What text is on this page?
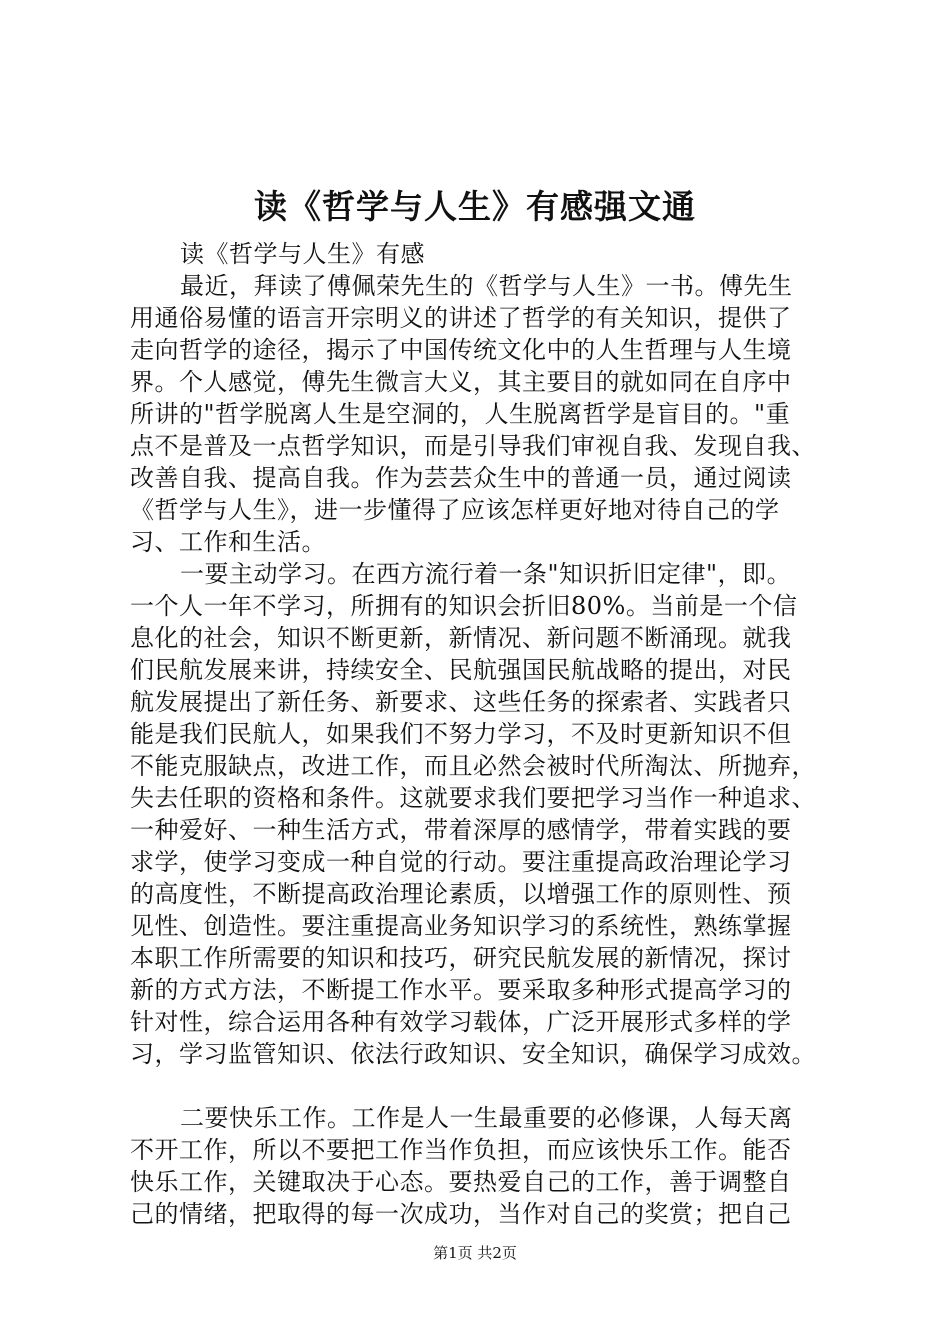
读《哲学与人生》有感强文通
读《哲学与人生》有感
最近，拜读了傅佩荣先生的《哲学与人生》一书。傅先生
用通俗易懂的语言开宗明义的讲述了哲学的有关知识，提供了
走向哲学的途径，揭示了中国传统文化中的人生哲理与人生境
界。个人感觉，傅先生微言大义，其主要目的就如同在自序中
所讲的"哲学脱离人生是空洞的，人生脱离哲学是盲目的。"重
点不是普及一点哲学知识，而是引导我们审视自我、发现自我、
改善自我、提高自我。作为芸芸众生中的普通一员，通过阅读
《哲学与人生》，进一步懂得了应该怎样更好地对待自己的学
习、工作和生活。
一要主动学习。在西方流行着一条"知识折旧定律"，即。
一个人一年不学习，所拥有的知识会折旧80%。当前是一个信
息化的社会，知识不断更新，新情况、新问题不断涌现。就我
们民航发展来讲，持续安全、民航强国民航战略的提出，对民
航发展提出了新任务、新要求、这些任务的探索者、实践者只
能是我们民航人，如果我们不努力学习，不及时更新知识不但
不能克服缺点，改进工作，而且必然会被时代所淘汰、所抛弃，
失去任职的资格和条件。这就要求我们要把学习当作一种追求、
一种爱好、一种生活方式，带着深厚的感情学，带着实践的要
求学，使学习变成一种自觉的行动。要注重提高政治理论学习
的高度性，不断提高政治理论素质，以增强工作的原则性、预
见性、创造性。要注重提高业务知识学习的系统性，熟练掌握
本职工作所需要的知识和技巧，研究民航发展的新情况，探讨
新的方式方法，不断提工作水平。要采取多种形式提高学习的
针对性，综合运用各种有效学习载体，广泛开展形式多样的学
习，学习监管知识、依法行政知识、安全知识，确保学习成效。
二要快乐工作。工作是人一生最重要的必修课，人每天离
不开工作，所以不要把工作当作负担，而应该快乐工作。能否
快乐工作，关键取决于心态。要热爱自己的工作，善于调整自
己的情绪，把取得的每一次成功，当作对自己的奖赏；把自己
第1页 共2页
